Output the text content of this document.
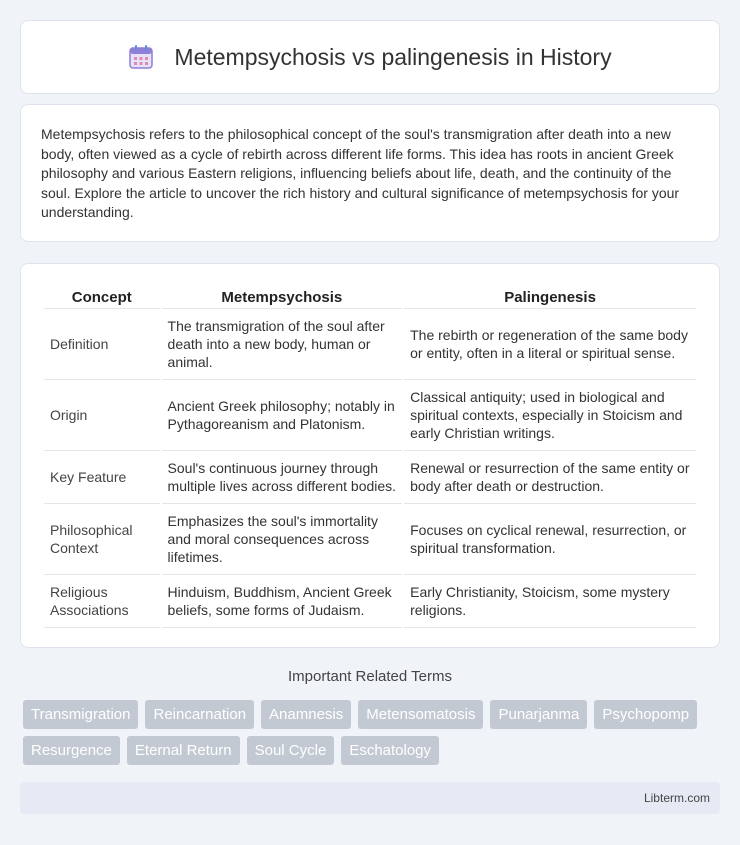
Metempsychosis vs palingenesis in History

Metempsychosis refers to the philosophical concept of the soul's transmigration after death into a new body, often viewed as a cycle of rebirth across different life forms. This idea has roots in ancient Greek philosophy and various Eastern religions, influencing beliefs about life, death, and the continuity of the soul. Explore the article to uncover the rich history and cultural significance of metempsychosis for your understanding.

Concept	Metempsychosis	Palingenesis
Definition	The transmigration of the soul after death into a new body, human or animal.	The rebirth or regeneration of the same body or entity, often in a literal or spiritual sense.
Origin	Ancient Greek philosophy; notably in Pythagoreanism and Platonism.	Classical antiquity; used in biological and spiritual contexts, especially in Stoicism and early Christian writings.
Key Feature	Soul's continuous journey through multiple lives across different bodies.	Renewal or resurrection of the same entity or body after death or destruction.
Philosophical Context	Emphasizes the soul's immortality and moral consequences across lifetimes.	Focuses on cyclical renewal, resurrection, or spiritual transformation.
Religious Associations	Hinduism, Buddhism, Ancient Greek beliefs, some forms of Judaism.	Early Christianity, Stoicism, some mystery religions.
Important Related Terms
Transmigration	Reincarnation	Anamnesis	Metensomatosis	Punarjanma	Psychopomp
Resurgence	Eternal Return	Soul Cycle	Eschatology
Libterm.com
